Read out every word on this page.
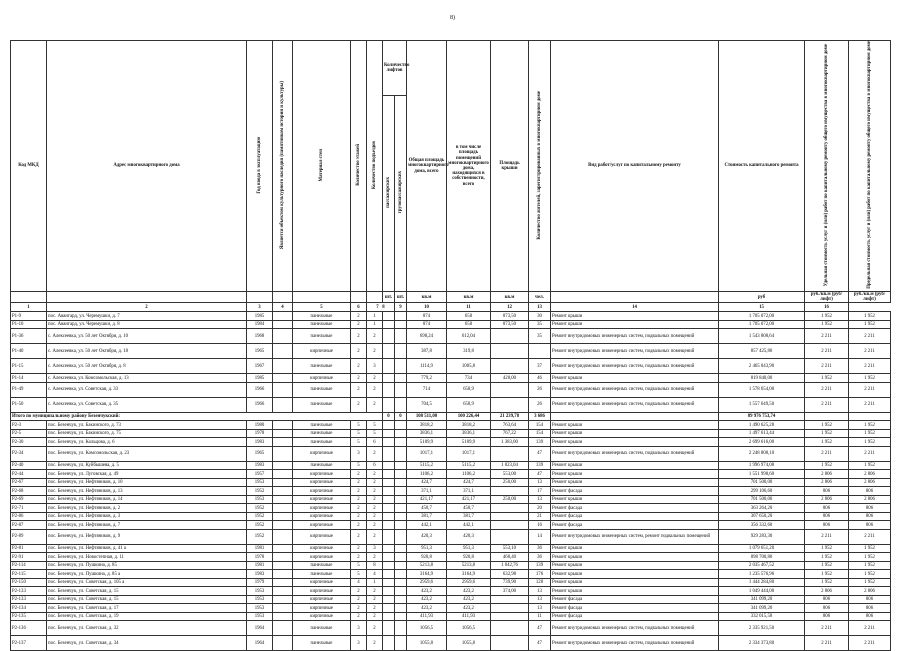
8)
Код МКД	Адрес многоквартирного дома	Год ввода в эксплуатацию	Является объектом культурного наследия (памятником истории и культуры)	Материал стен	Количество этажей	Количество подъездов	Количество лифтов		Общая площадь многоквартирного дома, всего	в том числе площадь помещений многоквартирного дома, находящихся в собственности, всего	Площадь крыши	Количество жителей, зарегистрированных в многоквартирном доме	Вид работ/услуг по капитальному ремонту	Стоимость капитального ремонта	Удельная стоимость услуг и (или) работ по капитальному ремонту общего имущества в многоквартирном доме	Предельная стоимость услуг и (или) работ по капитальному ремонту общего имущества в многоквартирном доме
							пассажирских	грузопассажирских								
							шт.	шт.	кв.м	кв.м	кв.м	чел.		руб	руб./кв.м (руб/лифт)	руб./кв.м (руб/лифт)
1	2	3	4	5	6	7 8		9	10	11	12	13	14	15	16	
Р1-9	пос. Авангард, ул. Черемушки, д. 7	1985		панельные	2	1			874	650	873,50	30	Ремонт крыши	1 705 072,00	1 952	1 952
Р1-10	пос. Авангард, ул. Черемушки, д. 8	1984		панельные	2	1			874	650	873,50	35	Ремонт крыши	1 705 072,00	1 952	1 952
Р1-36	с. Алексеевка, ул. 50 лет Октября, д. 10	1968		панельные	2	2			698,24	612,04		35	Ремонт внутридомовых инженерных систем, подвальных помещений	1 543 808,64	2 211	2 211
Р1-40	с. Алексеевка, ул. 50 лет Октября, д. 18	1965		кирпичные	2	2			387,8	319,8			Ремонт внутридомовых инженерных систем, подвальных помещений	857 425,80	2 211	2 211
Р1-15	с. Алексеевка, ул. 50 лет Октября, д. 8	1967		панельные	2	3			1114,9	1005,8		37	Ремонт внутридомовых инженерных систем, подвальных помещений	2 465 043,90	2 211	2 211
Р1-14	с. Алексеевка, ул. Комсомольская, д. 13	1985		кирпичные	2	2			779,2	734	420,00	46	Ремонт крыши	819 840,00	1 952	1 952
Р1-49	с. Алексеевка, ул. Советская, д. 33	1966		панельные	2	2			714	658,9		26	Ремонт внутридомовых инженерных систем, подвальных помещений	1 578 654,00	2 211	2 211
Р1-50	с. Алексеевка, ул. Советская, д. 35	1966		панельные	2	2			704,5	658,9		26	Ремонт внутридомовых инженерных систем, подвальных помещений	1 557 649,50	2 211	2 211
Итого по муниципальному району Безенчукский:							0	0	108 511,00	100 226,44	21 239,78	3 686		89 976 753,74		
Р2-3	пос. Безенчук, ул. Бакинского, д. 73	1980		панельные	5	5			3818,2	3818,2	763,64	154	Ремонт крыши	1 490 625,28	1 952	1 952
Р2-5	пос. Безенчук, ул. Бакинского, д. 75	1978		панельные	5	5			3836,1	3836,1	767,22	154	Ремонт крыши	1 497 613,44	1 952	1 952
Р2-30	пос. Безенчук, ул. Кольцова, д. 6	1983		панельные	5	6			5109,9	5109,9	1 383,00	139	Ремонт крыши	2 699 616,00	1 952	1 952
Р2-34	пос. Безенчук, ул. Комсомольская, д. 23	1965		кирпичные	3	2			1017,1	1017,1		47	Ремонт внутридомовых инженерных систем, подвальных помещений	2 248 808,10	2 211	2 211
Р2-40	пос. Безенчук, ул. Куйбышева, д. 5	1983		панельные	5	6			5115,2	5115,2	1 023,04	139	Ремонт крыши	1 996 974,08	1 952	1 952
Р2-44	пос. Безенчук, ул. Луговская, д. 49	1957		кирпичные	2	2			1106,2	1106,2	553,00	47	Ремонт крыши	1 551 998,60	2 806	2 806
Р2-67	пос. Безенчук, ул. Нефтяников, д. 10	1953		кирпичные	2	2			424,7	424,7	250,00	13	Ремонт крыши	701 500,00	2 806	2 806
Р2-68	пос. Безенчук, ул. Нефтяников, д. 13	1952		кирпичные	2	2			371,1	371,1		17	Ремонт фасада	299 106,60	806	806
Р2-69	пос. Безенчук, ул. Нефтяников, д. 14	1953		кирпичные	2	2			421,17	421,17	250,00	13	Ремонт крыши	701 500,00	2 806	2 806
Р2-71	пос. Безенчук, ул. Нефтяников, д. 2	1952		кирпичные	2	2			450,7	450,7		20	Ремонт фасада	363 264,20	806	806
Р2-86	пос. Безенчук, ул. Нефтяников, д. 3	1952		кирпичные	2	2			381,7	381,7		21	Ремонт фасада	307 650,20	806	806
Р2-87	пос. Безенчук, ул. Нефтяников, д. 7	1952		кирпичные	2	2			442,1	442,1		16	Ремонт фасада	356 332,60	806	806
Р2-89	пос. Безенчук, ул. Нефтяников, д. 9	1952		кирпичные	2	2			420,3	420,3		14	Ремонт внутридомовых инженерных систем, ремонт подвальных помещений	929 283,30	2 211	2 211
Р2-81	пос. Безенчук, ул. Нефтяников, д. 41 а	1981		кирпичные	2	3			951,3	951,3	553,10	36	Ремонт крыши	1 079 651,20	1 952	1 952
Р2-91	пос. Безенчук, ул. Новостепная, д. 11	1978		кирпичные	2	2			920,8	920,8	460,40	36	Ремонт крыши	898 700,80	1 952	1 952
Р2-114	пос. Безенчук, ул. Пушкина, д. 85	1981		панельные	5	8			5213,8	5213,8	1 042,76	139	Ремонт крыши	2 035 467,52	1 952	1 952
Р2-115	пос. Безенчук, ул. Пушкина, д. 85 а	1983		панельные	5	4			3164,9	3164,9	632,98	176	Ремонт крыши	1 235 576,96	1 952	1 952
Р2-150	пос. Безенчук, ул. Советская, д. 105 а	1979		кирпичные	4	1			2959,6	2959,6	739,90	128	Ремонт крыши	1 444 284,80	1 952	1 952
Р2-133	пос. Безенчук, ул. Советская, д. 15	1953		кирпичные	2	2			423,2	423,2	374,00	13	Ремонт крыши	1 049 444,00	2 806	2 806
Р2-133	пос. Безенчук, ул. Советская, д. 15	1953		кирпичные	2	2			423,2	423,2		13	Ремонт фасада	341 099,20	806	806
Р2-134	пос. Безенчук, ул. Советская, д. 17	1953		кирпичные	2	2			423,2	423,2		13	Ремонт фасада	341 099,20	806	806
Р2-135	пос. Безенчук, ул. Советская, д. 19	1953		кирпичные	2	2			411,93	411,93		11	Ремонт фасада	332 015,58	806	806
Р2-136	пос. Безенчук, ул. Советская, д. 32	1964		панельные	3	2			1056,5	1056,5		47	Ремонт внутридомовых инженерных систем, подвальных помещений	2 335 921,50	2 211	2 211
Р2-137	пос. Безенчук, ул. Советская, д. 34	1964		панельные	3	2			1055,8	1055,8		47	Ремонт внутридомовых инженерных систем, подвальных помещений	2 334 373,80	2 211	2 211
